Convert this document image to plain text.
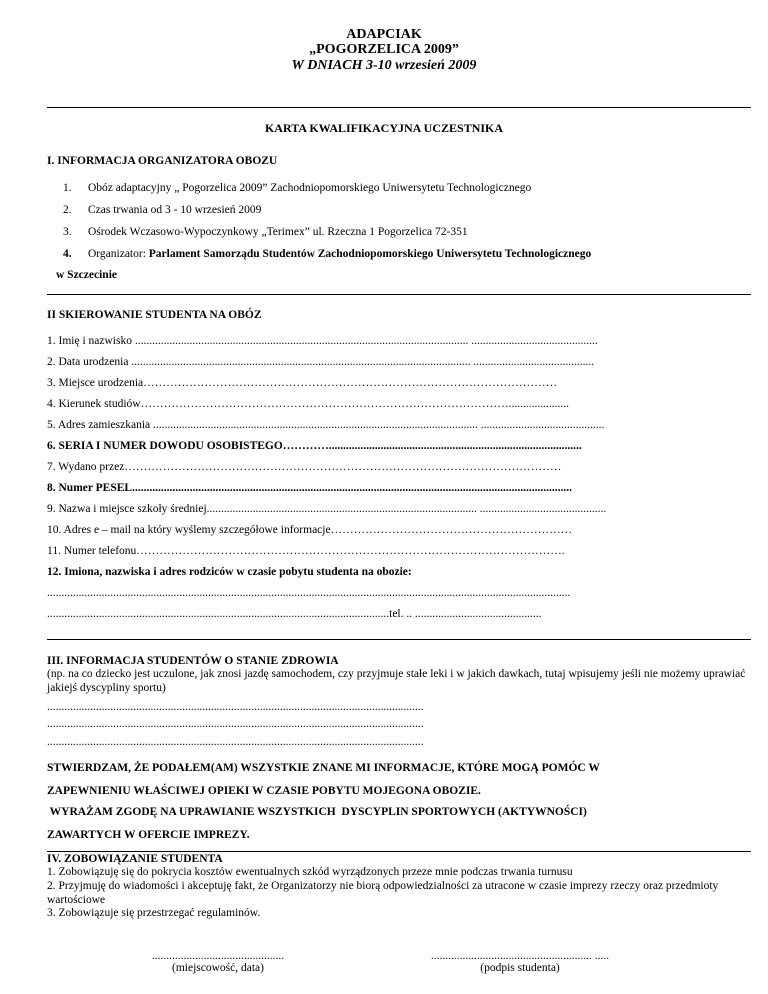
ADAPCIAK
„POGORZELICA 2009”
W DNIACH 3-10 wrzesień 2009
KARTA KWALIFIKACYJNA UCZESTNIKA
I. INFORMACJA ORGANIZATORA OBOZU
1. Obóz adaptacyjny „ Pogorzelica 2009” Zachodniopomorskiego Uniwersytetu Technologicznego
2. Czas trwania od 3 - 10 wrzesień 2009
3. Ośrodek Wczasowo-Wypoczynkowy „Terimex” ul. Rzeczna 1 Pogorzelica 72-351
4. Organizator: Parlament Samorządu Studentów Zachodniopomorskiego Uniwersytetu Technologicznego
w Szczecinie
II SKIEROWANIE STUDENTA NA OBÓZ
1. Imię i nazwisko .................................................................................................................... ............................................
2. Data urodzenia ...................................................................................................................... ..........................................
3. Miejsce urodzenia………………………………………………………………………………………………
4. Kierunek studiów…………………………………………………………………………………….....................
5. Adres zamieszkania ................................................................................................................. ...........................................
6. SERIA I NUMER DOWODU OSOBISTEGO…………........................................................................................
7. Wydano przez……………………………………………………………………………………………………
8. Numer PESEL.........................................................................................................................................................
9. Nazwa i miejsce szkoły średniej.............................................................................................. ............................................
10. Adres e – mail na który wyślemy szczegółowe informacje………………………………………………………
11. Numer telefonu………………………………………………………………………………………………….
12. Imiona, nazwiska i adres rodziców w czasie pobytu studenta na obozie:
......................................................................................................................................................................................
.......................................................................................................................tel. .. ............................................
III. INFORMACJA STUDENTÓW O STANIE ZDROWIA
(np. na co dziecko jest uczulone, jak znosi jazdę samochodem, czy przyjmuje stałe leki i w jakich dawkach, tutaj wpisujemy jeśli nie możemy uprawiać jakiejś dyscypliny sportu)
...................................................................................................................................
...................................................................................................................................
...................................................................................................................................
STWIERDZAM, ŻE PODAŁEM(AM) WSZYSTKIE ZNANE MI INFORMACJE, KTÓRE MOGĄ POMÓC W
ZAPEWNIENIU WŁAŚCIWEJ OPIEKI W CZASIE POBYTU MOJEGONA OBOZIE.
WYRAŻAM ZGODĘ NA UPRAWIANIE WSZYSTKICH  DYSCYPLIN SPORTOWYCH (AKTYWNOŚCI)
ZAWARTYCH W OFERCIE IMPREZY.
IV. ZOBOWIĄZANIE STUDENTA
1. Zobowiązuję się do pokrycia kosztów ewentualnych szkód wyrządzonych przeze mnie podczas trwania turnusu
2. Przyjmuję do wiadomości i akceptuję fakt, że Organizatorzy nie biorą odpowiedzialności za utracone w czasie imprezy rzeczy oraz przedmioty wartościowe
3. Zobowiązuje się przestrzegać regulaminów.
..............................................
(miejscowość, data)
........................................................ .....
(podpis studenta)
